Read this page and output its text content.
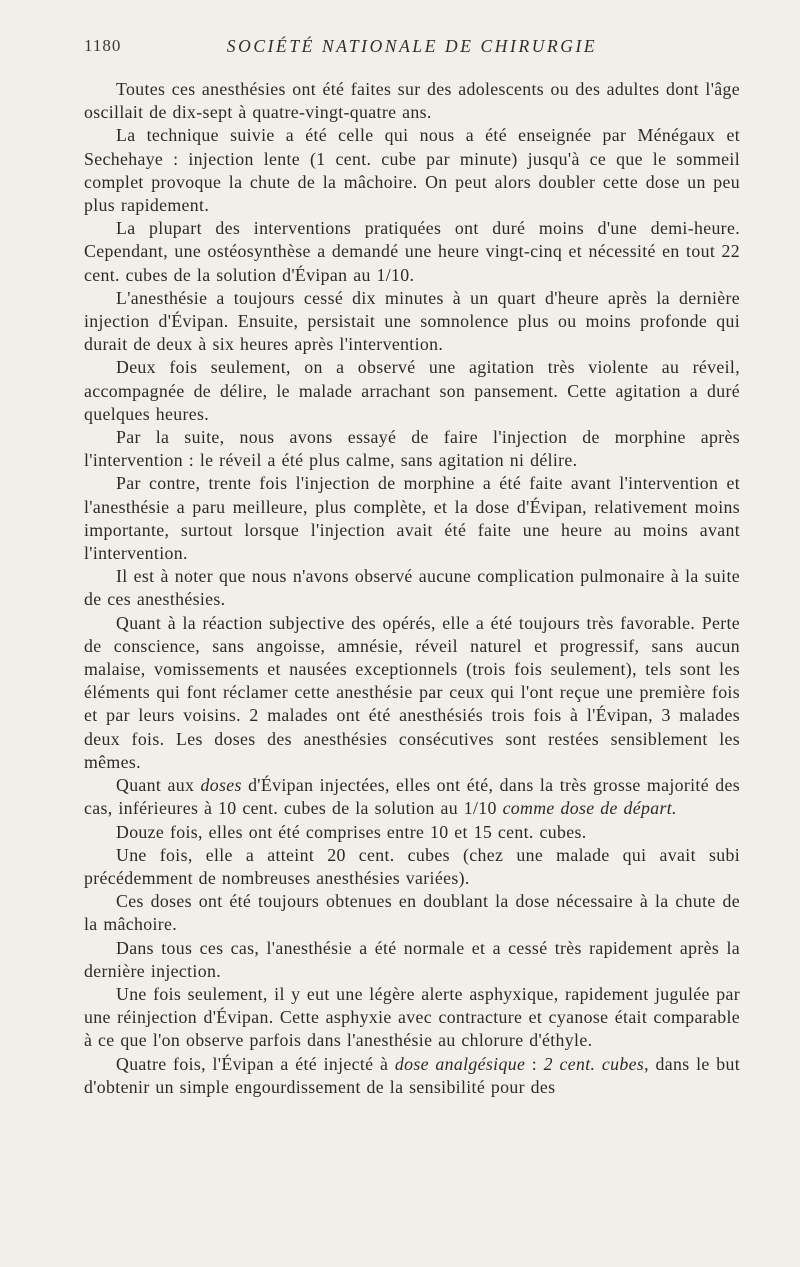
1180	SOCIÉTÉ NATIONALE DE CHIRURGIE

Toutes ces anesthésies ont été faites sur des adolescents ou des adultes dont l'âge oscillait de dix-sept à quatre-vingt-quatre ans.

La technique suivie a été celle qui nous a été enseignée par Ménégaux et Sechehaye : injection lente (1 cent. cube par minute) jusqu'à ce que le sommeil complet provoque la chute de la mâchoire. On peut alors doubler cette dose un peu plus rapidement.

La plupart des interventions pratiquées ont duré moins d'une demi-heure. Cependant, une ostéosynthèse a demandé une heure vingt-cinq et nécessité en tout 22 cent. cubes de la solution d'Évipan au 1/10.

L'anesthésie a toujours cessé dix minutes à un quart d'heure après la dernière injection d'Évipan. Ensuite, persistait une somnolence plus ou moins profonde qui durait de deux à six heures après l'intervention.

Deux fois seulement, on a observé une agitation très violente au réveil, accompagnée de délire, le malade arrachant son pansement. Cette agitation a duré quelques heures.

Par la suite, nous avons essayé de faire l'injection de morphine après l'intervention : le réveil a été plus calme, sans agitation ni délire.

Par contre, trente fois l'injection de morphine a été faite avant l'intervention et l'anesthésie a paru meilleure, plus complète, et la dose d'Évipan, relativement moins importante, surtout lorsque l'injection avait été faite une heure au moins avant l'intervention.

Il est à noter que nous n'avons observé aucune complication pulmonaire à la suite de ces anesthésies.

Quant à la réaction subjective des opérés, elle a été toujours très favorable. Perte de conscience, sans angoisse, amnésie, réveil naturel et progressif, sans aucun malaise, vomissements et nausées exceptionnels (trois fois seulement), tels sont les éléments qui font réclamer cette anesthésie par ceux qui l'ont reçue une première fois et par leurs voisins. 2 malades ont été anesthésiés trois fois à l'Évipan, 3 malades deux fois. Les doses des anesthésies consécutives sont restées sensiblement les mêmes.

Quant aux doses d'Évipan injectées, elles ont été, dans la très grosse majorité des cas, inférieures à 10 cent. cubes de la solution au 1/10 comme dose de départ.

Douze fois, elles ont été comprises entre 10 et 15 cent. cubes.

Une fois, elle a atteint 20 cent. cubes (chez une malade qui avait subi précédemment de nombreuses anesthésies variées).

Ces doses ont été toujours obtenues en doublant la dose nécessaire à la chute de la mâchoire.

Dans tous ces cas, l'anesthésie a été normale et a cessé très rapidement après la dernière injection.

Une fois seulement, il y eut une légère alerte asphyxique, rapidement jugulée par une réinjection d'Évipan. Cette asphyxie avec contracture et cyanose était comparable à ce que l'on observe parfois dans l'anesthésie au chlorure d'éthyle.

Quatre fois, l'Évipan a été injecté à dose analgésique : 2 cent. cubes, dans le but d'obtenir un simple engourdissement de la sensibilité pour des
